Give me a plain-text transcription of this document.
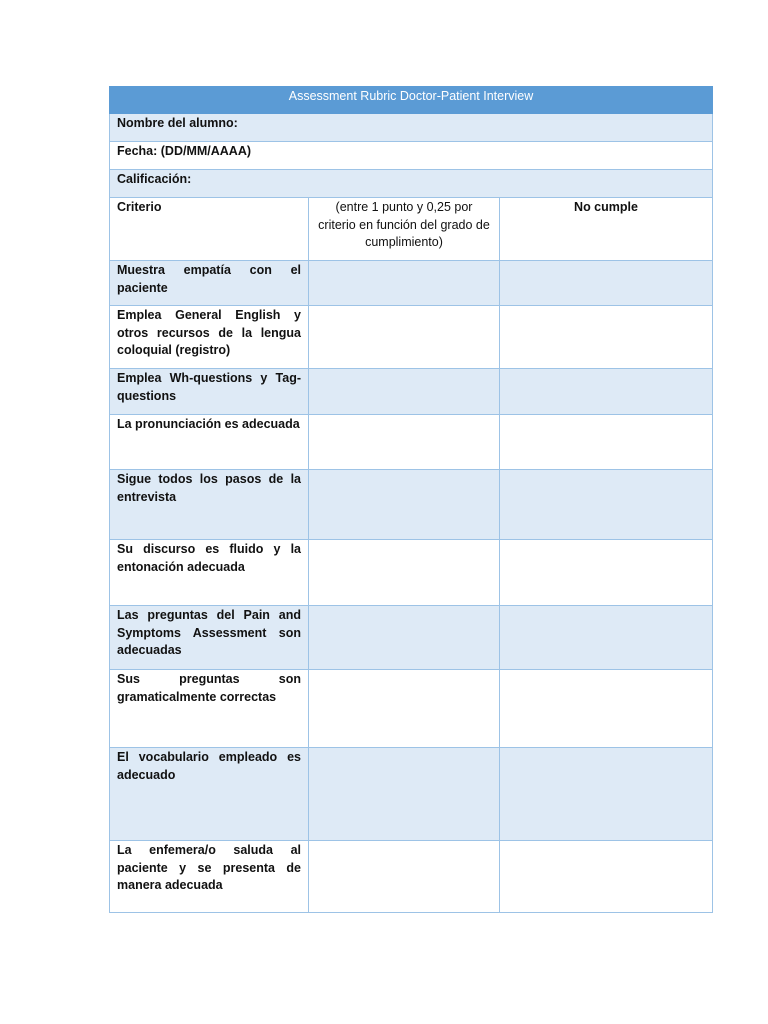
Assessment Rubric Doctor-Patient Interview		
Nombre del alumno:		
Fecha: (DD/MM/AAAA)		
Calificación:		

Criterio	(entre 1 punto y 0,25 por criterio en función del grado de cumplimiento)	No cumple

Muestra empatía con el paciente		

Emplea General English y otros recursos de la lengua coloquial (registro)		

Emplea Wh-questions y Tag-questions		

La pronunciación es adecuada		

Sigue todos los pasos de la entrevista		

Su discurso es fluido y la entonación adecuada		

Las preguntas del Pain and Symptoms Assessment son adecuadas		

Sus preguntas son gramaticalmente correctas		

El vocabulario empleado es adecuado		

La enfemera/o saluda al paciente y se presenta de manera adecuada		
